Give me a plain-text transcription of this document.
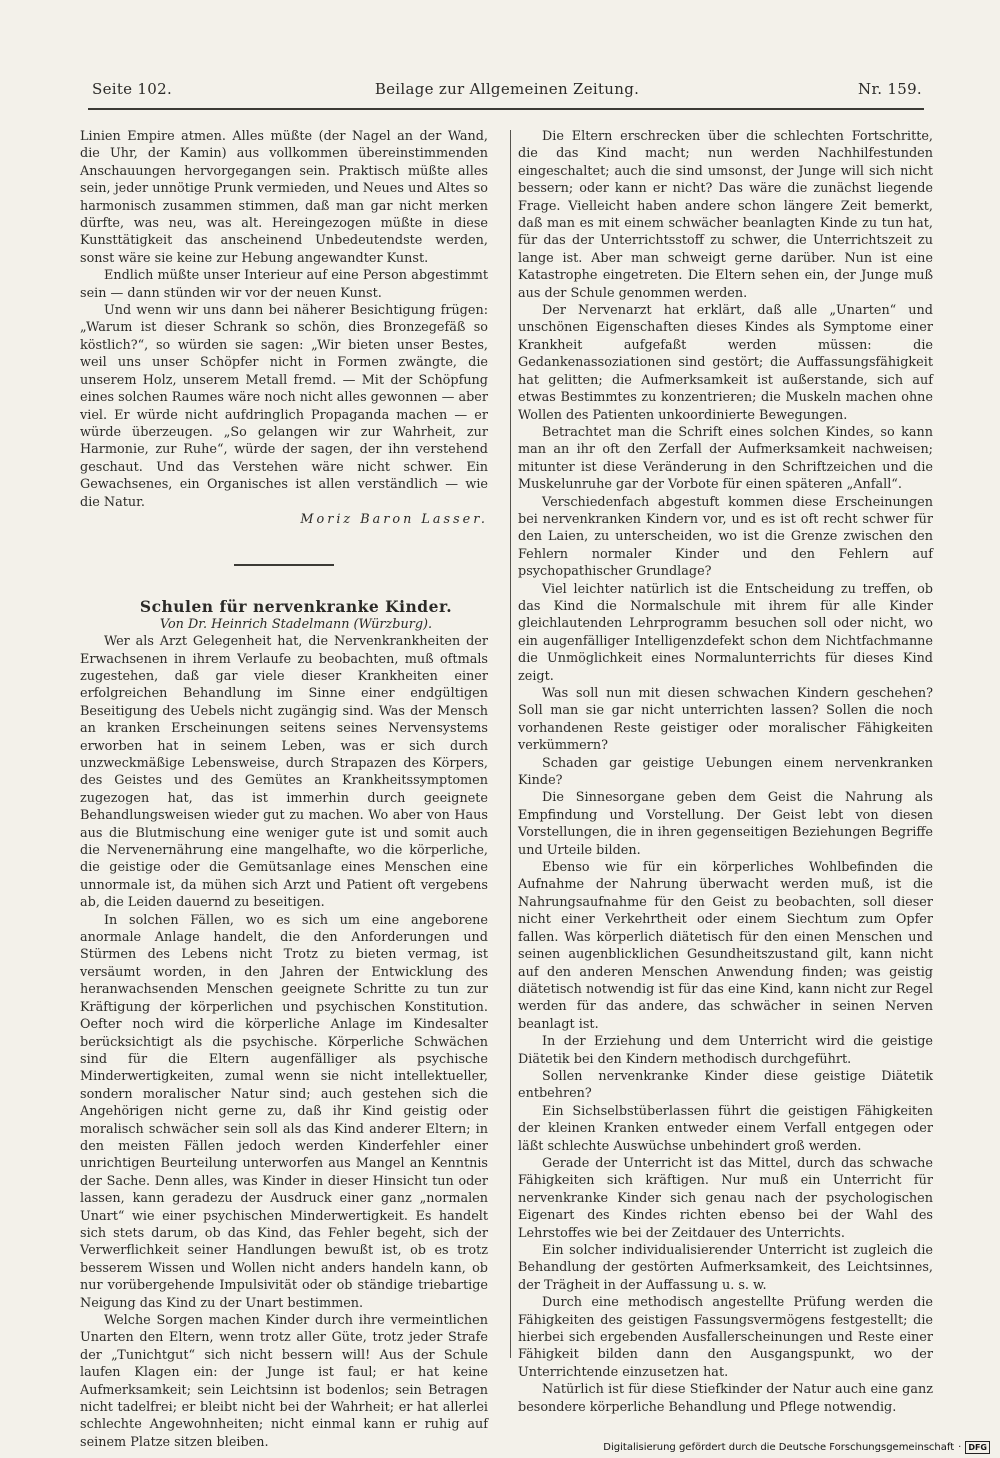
Seite 102.	Beilage zur Allgemeinen Zeitung.	Nr. 159.

Linien Empire atmen. Alles müßte (der Nagel an der Wand, die Uhr, der Kamin) aus vollkommen übereinstimmenden Anschauungen hervorgegangen sein. Praktisch müßte alles sein, jeder unnötige Prunk vermieden, und Neues und Altes so harmonisch zusammen stimmen, daß man gar nicht merken dürfte, was neu, was alt. Hereingezogen müßte in diese Kunsttätigkeit das anscheinend Unbedeutendste werden, sonst wäre sie keine zur Hebung angewandter Kunst.

Endlich müßte unser Interieur auf eine Person abgestimmt sein — dann stünden wir vor der neuen Kunst.

Und wenn wir uns dann bei näherer Besichtigung frügen: „Warum ist dieser Schrank so schön, dies Bronzegefäß so köstlich?“, so würden sie sagen: „Wir bieten unser Bestes, weil uns unser Schöpfer nicht in Formen zwängte, die unserem Holz, unserem Metall fremd. — Mit der Schöpfung eines solchen Raumes wäre noch nicht alles gewonnen — aber viel. Er würde nicht aufdringlich Propaganda machen — er würde überzeugen. „So gelangen wir zur Wahrheit, zur Harmonie, zur Ruhe“, würde der sagen, der ihn verstehend geschaut. Und das Verstehen wäre nicht schwer. Ein Gewachsenes, ein Organisches ist allen verständlich — wie die Natur.

Moriz Baron Lasser.

Schulen für nervenkranke Kinder.

Von Dr. Heinrich Stadelmann (Würzburg).

Wer als Arzt Gelegenheit hat, die Nervenkrankheiten der Erwachsenen in ihrem Verlaufe zu beobachten, muß oftmals zugestehen, daß gar viele dieser Krankheiten einer erfolgreichen Behandlung im Sinne einer endgültigen Beseitigung des Uebels nicht zugängig sind. Was der Mensch an kranken Erscheinungen seitens seines Nervensystems erworben hat in seinem Leben, was er sich durch unzweckmäßige Lebensweise, durch Strapazen des Körpers, des Geistes und des Gemütes an Krankheitssymptomen zugezogen hat, das ist immerhin durch geeignete Behandlungsweisen wieder gut zu machen. Wo aber von Haus aus die Blutmischung eine weniger gute ist und somit auch die Nervenernährung eine mangelhafte, wo die körperliche, die geistige oder die Gemütsanlage eines Menschen eine unnormale ist, da mühen sich Arzt und Patient oft vergebens ab, die Leiden dauernd zu beseitigen.

In solchen Fällen, wo es sich um eine angeborene anormale Anlage handelt, die den Anforderungen und Stürmen des Lebens nicht Trotz zu bieten vermag, ist versäumt worden, in den Jahren der Entwicklung des heranwachsenden Menschen geeignete Schritte zu tun zur Kräftigung der körperlichen und psychischen Konstitution. Oefter noch wird die körperliche Anlage im Kindesalter berücksichtigt als die psychische. Körperliche Schwächen sind für die Eltern augenfälliger als psychische Minderwertigkeiten, zumal wenn sie nicht intellektueller, sondern moralischer Natur sind; auch gestehen sich die Angehörigen nicht gerne zu, daß ihr Kind geistig oder moralisch schwächer sein soll als das Kind anderer Eltern; in den meisten Fällen jedoch werden Kinderfehler einer unrichtigen Beurteilung unterworfen aus Mangel an Kenntnis der Sache. Denn alles, was Kinder in dieser Hinsicht tun oder lassen, kann geradezu der Ausdruck einer ganz „normalen Unart“ wie einer psychischen Minderwertigkeit. Es handelt sich stets darum, ob das Kind, das Fehler begeht, sich der Verwerflichkeit seiner Handlungen bewußt ist, ob es trotz besserem Wissen und Wollen nicht anders handeln kann, ob nur vorübergehende Impulsivität oder ob ständige triebartige Neigung das Kind zu der Unart bestimmen.

Welche Sorgen machen Kinder durch ihre vermeintlichen Unarten den Eltern, wenn trotz aller Güte, trotz jeder Strafe der „Tunichtgut“ sich nicht bessern will! Aus der Schule laufen Klagen ein: der Junge ist faul; er hat keine Aufmerksamkeit; sein Leichtsinn ist bodenlos; sein Betragen nicht tadelfrei; er bleibt nicht bei der Wahrheit; er hat allerlei schlechte Angewohnheiten; nicht einmal kann er ruhig auf seinem Platze sitzen bleiben.

Die Eltern erschrecken über die schlechten Fortschritte, die das Kind macht; nun werden Nachhilfestunden eingeschaltet; auch die sind umsonst, der Junge will sich nicht bessern; oder kann er nicht? Das wäre die zunächst liegende Frage. Vielleicht haben andere schon längere Zeit bemerkt, daß man es mit einem schwächer beanlagten Kinde zu tun hat, für das der Unterrichtsstoff zu schwer, die Unterrichtszeit zu lange ist. Aber man schweigt gerne darüber. Nun ist eine Katastrophe eingetreten. Die Eltern sehen ein, der Junge muß aus der Schule genommen werden.

Der Nervenarzt hat erklärt, daß alle „Unarten“ und unschönen Eigenschaften dieses Kindes als Symptome einer Krankheit aufgefaßt werden müssen: die Gedankenassoziationen sind gestört; die Auffassungsfähigkeit hat gelitten; die Aufmerksamkeit ist außerstande, sich auf etwas Bestimmtes zu konzentrieren; die Muskeln machen ohne Wollen des Patienten unkoordinierte Bewegungen.

Betrachtet man die Schrift eines solchen Kindes, so kann man an ihr oft den Zerfall der Aufmerksamkeit nachweisen; mitunter ist diese Veränderung in den Schriftzeichen und die Muskelunruhe gar der Vorbote für einen späteren „Anfall“.

Verschiedenfach abgestuft kommen diese Erscheinungen bei nervenkranken Kindern vor, und es ist oft recht schwer für den Laien, zu unterscheiden, wo ist die Grenze zwischen den Fehlern normaler Kinder und den Fehlern auf psychopathischer Grundlage?

Viel leichter natürlich ist die Entscheidung zu treffen, ob das Kind die Normalschule mit ihrem für alle Kinder gleichlautenden Lehrprogramm besuchen soll oder nicht, wo ein augenfälliger Intelligenzdefekt schon dem Nichtfachmanne die Unmöglichkeit eines Normalunterrichts für dieses Kind zeigt.

Was soll nun mit diesen schwachen Kindern geschehen? Soll man sie gar nicht unterrichten lassen? Sollen die noch vorhandenen Reste geistiger oder moralischer Fähigkeiten verkümmern?

Schaden gar geistige Uebungen einem nervenkranken Kinde?

Die Sinnesorgane geben dem Geist die Nahrung als Empfindung und Vorstellung. Der Geist lebt von diesen Vorstellungen, die in ihren gegenseitigen Beziehungen Begriffe und Urteile bilden.

Ebenso wie für ein körperliches Wohlbefinden die Aufnahme der Nahrung überwacht werden muß, ist die Nahrungsaufnahme für den Geist zu beobachten, soll dieser nicht einer Verkehrtheit oder einem Siechtum zum Opfer fallen. Was körperlich diätetisch für den einen Menschen und seinen augenblicklichen Gesundheitszustand gilt, kann nicht auf den anderen Menschen Anwendung finden; was geistig diätetisch notwendig ist für das eine Kind, kann nicht zur Regel werden für das andere, das schwächer in seinen Nerven beanlagt ist.

In der Erziehung und dem Unterricht wird die geistige Diätetik bei den Kindern methodisch durchgeführt.

Sollen nervenkranke Kinder diese geistige Diätetik entbehren?

Ein Sichselbstüberlassen führt die geistigen Fähigkeiten der kleinen Kranken entweder einem Verfall entgegen oder läßt schlechte Auswüchse unbehindert groß werden.

Gerade der Unterricht ist das Mittel, durch das schwache Fähigkeiten sich kräftigen. Nur muß ein Unterricht für nervenkranke Kinder sich genau nach der psychologischen Eigenart des Kindes richten ebenso bei der Wahl des Lehrstoffes wie bei der Zeitdauer des Unterrichts.

Ein solcher individualisierender Unterricht ist zugleich die Behandlung der gestörten Aufmerksamkeit, des Leichtsinnes, der Trägheit in der Auffassung u. s. w.

Durch eine methodisch angestellte Prüfung werden die Fähigkeiten des geistigen Fassungsvermögens festgestellt; die hierbei sich ergebenden Ausfallerscheinungen und Reste einer Fähigkeit bilden dann den Ausgangspunkt, wo der Unterrichtende einzusetzen hat.

Natürlich ist für diese Stiefkinder der Natur auch eine ganz besondere körperliche Behandlung und Pflege notwendig.

Digitalisierung gefördert durch die Deutsche Forschungsgemeinschaft · DFG
